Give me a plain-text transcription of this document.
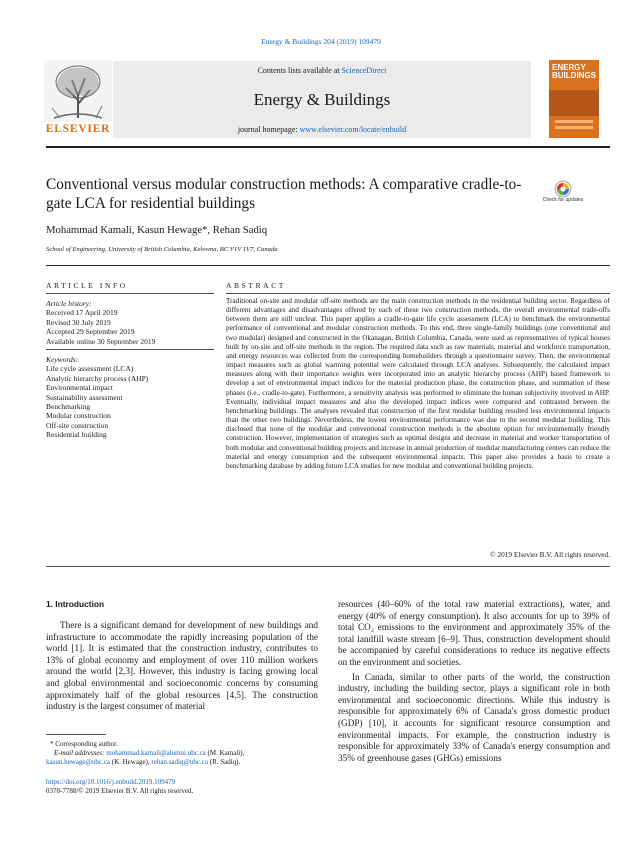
Energy & Buildings 204 (2019) 109479
Contents lists available at ScienceDirect
Energy & Buildings
journal homepage: www.elsevier.com/locate/enbuild
ELSEVIER
ENERGY
BUILDINGS
Conventional versus modular construction methods: A comparative cradle-to-gate LCA for residential buildings	Check for updates
Mohammad Kamali, Kasun Hewage*, Rehan Sadiq
School of Engineering, University of British Columbia, Kelowna, BC V1V 1V7, Canada
ARTICLE INFO
Article history:
Received 17 April 2019
Revised 30 July 2019
Accepted 29 September 2019
Available online 30 September 2019
Keywords:
Life cycle assessment (LCA)
Analytic hierarchy process (AHP)
Environmental impact
Sustainability assessment
Benchmarking
Modular construction
Off-site construction
Residential building
ABSTRACT
Traditional on-site and modular off-site methods are the main construction methods in the residential building sector. Regardless of different advantages and disadvantages offered by each of these two construction methods, the overall environmental trade-offs between them are still unclear. This paper applies a cradle-to-gate life cycle assessment (LCA) to benchmark the environmental performance of conventional and modular construction methods. To this end, three single-family buildings (one conventional and two modular) designed and constructed in the Okanagan, British Columbia, Canada, were used as representatives of typical houses built by on-site and off-site methods in the region. The required data such as raw materials, material and workforce transportation, and energy resources was collected from the corresponding homebuilders through a questionnaire survey. Then, the environmental impact measures such as global warming potential were calculated through LCA analyses. Subsequently, the calculated impact measures along with their importance weights were incorporated into an analytic hierarchy process (AHP) based framework to develop a set of environmental impact indices for the material production phase, the construction phase, and summation of these phases (i.e., cradle-to-gate). Furthermore, a sensitivity analysis was performed to eliminate the human subjectivity involved in AHP. Eventually, individual impact measures and also the developed impact indices were compared and contrasted between the benchmarking buildings. The analyses revealed that construction of the first modular building resulted less environmental impacts than the other two buildings. Nevertheless, the lowest environmental performance was due to the second modular building. This disclosed that none of the modular and conventional construction methods is the absolute option for environmentally friendly construction. However, implementation of strategies such as optimal designs and decrease in material and worker transportation of both modular and conventional building projects and increase in annual production of modular manufacturing centers can reduce the material and energy consumption and the subsequent environmental impacts. This paper also provides a basis to create a benchmarking database by adding future LCA studies for new modular and conventional building projects.
© 2019 Elsevier B.V. All rights reserved.
1. Introduction

There is a significant demand for development of new buildings and infrastructure to accommodate the rapidly increasing population of the world [1]. It is estimated that the construction industry, contributes to 13% of global economy and employment of over 110 million workers around the world [2,3]. However, this industry is facing growing local and global environmental and socioeconomic concerns by consuming approximately half of the global resources [4,5]. The construction industry is the largest consumer of material

resources (40–60% of the total raw material extractions), water, and energy (40% of energy consumption). It also accounts for up to 39% of total CO₂ emissions to the environment and approximately 35% of the total landfill waste stream [6–9]. Thus, construction development should be accompanied by careful considerations to reduce its negative effects on the environment and societies.

In Canada, similar to other parts of the world, the construction industry, including the building sector, plays a significant role in both environmental and socioeconomic directions. While this industry is responsible for approximately 6% of Canada's gross domestic product (GDP) [10], it accounts for significant resource consumption and environmental impacts. For example, the construction industry is responsible for approximately 33% of Canada's energy consumption and 35% of greenhouse gases (GHGs) emissions

* Corresponding author.
E-mail addresses: mohammad.kamali@alumni.ubc.ca (M. Kamali),
kasun.hewage@ubc.ca (K. Hewage), rehan.sadiq@ubc.ca (R. Sadiq).
https://doi.org/10.1016/j.enbuild.2019.109479
0378-7788/© 2019 Elsevier B.V. All rights reserved.
